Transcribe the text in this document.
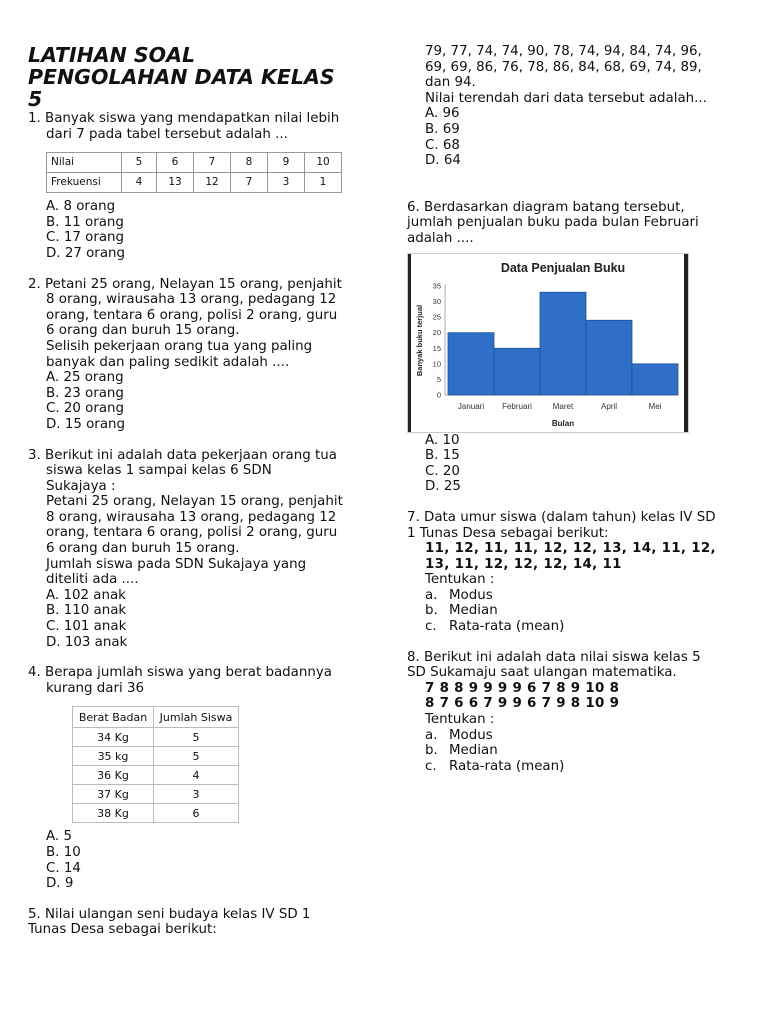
LATIHAN SOAL
PENGOLAHAN DATA KELAS
5
1. Banyak siswa yang mendapatkan nilai lebih
dari 7 pada tabel tersebut adalah ...
Nilai	5	6	7	8	9	10
Frekuensi	4	13	12	7	3	1
A. 8 orang
B. 11 orang
C. 17 orang
D. 27 orang
2. Petani 25 orang, Nelayan 15 orang, penjahit
8 orang, wirausaha 13 orang, pedagang 12
orang, tentara 6 orang, polisi 2 orang, guru
6 orang dan buruh 15 orang.
Selisih pekerjaan orang tua yang paling
banyak dan paling sedikit adalah ....
A. 25 orang
B. 23 orang
C. 20 orang
D. 15 orang
3. Berikut ini adalah data pekerjaan orang tua
siswa kelas 1 sampai kelas 6 SDN
Sukajaya :
Petani 25 orang, Nelayan 15 orang, penjahit
8 orang, wirausaha 13 orang, pedagang 12
orang, tentara 6 orang, polisi 2 orang, guru
6 orang dan buruh 15 orang.
Jumlah siswa pada SDN Sukajaya yang
diteliti ada ....
A. 102 anak
B. 110 anak
C. 101 anak
D. 103 anak
4. Berapa jumlah siswa yang berat badannya
kurang dari 36
Berat Badan	Jumlah Siswa
34 Kg	5
35 kg	5
36 Kg	4
37 Kg	3
38 Kg	6
A. 5
B. 10
C. 14
D. 9
5. Nilai ulangan seni budaya kelas IV SD 1
Tunas Desa sebagai berikut:
79, 77, 74, 74, 90, 78, 74, 94, 84, 74, 96,
69, 69, 86, 76, 78, 86, 84, 68, 69, 74, 89,
dan 94.
Nilai terendah dari data tersebut adalah...
A. 96
B. 69
C. 68
D. 64
6. Berdasarkan diagram batang tersebut,
jumlah penjualan buku pada bulan Februari
adalah ....
Data Penjualan Buku
0
5
10
15
20
25
30
35
Januari Februari	Maret	April	Mei
Bulan
Banyak buku terjual
A. 10
B. 15
C. 20
D. 25
7. Data umur siswa (dalam tahun) kelas IV SD
1 Tunas Desa sebagai berikut:
11, 12, 11, 11, 12, 12, 13, 14, 11, 12,
13, 11, 12, 12, 12, 14, 11
Tentukan :
a. Modus
b. Median
c. Rata-rata (mean)
8. Berikut ini adalah data nilai siswa kelas 5
SD Sukamaju saat ulangan matematika.
7 8 8 9 9 9 9 6 7 8 9 10 8
8 7 6 6 7 9 9 6 7 9 8 10 9
Tentukan :
a. Modus
b. Median
c. Rata-rata (mean)
